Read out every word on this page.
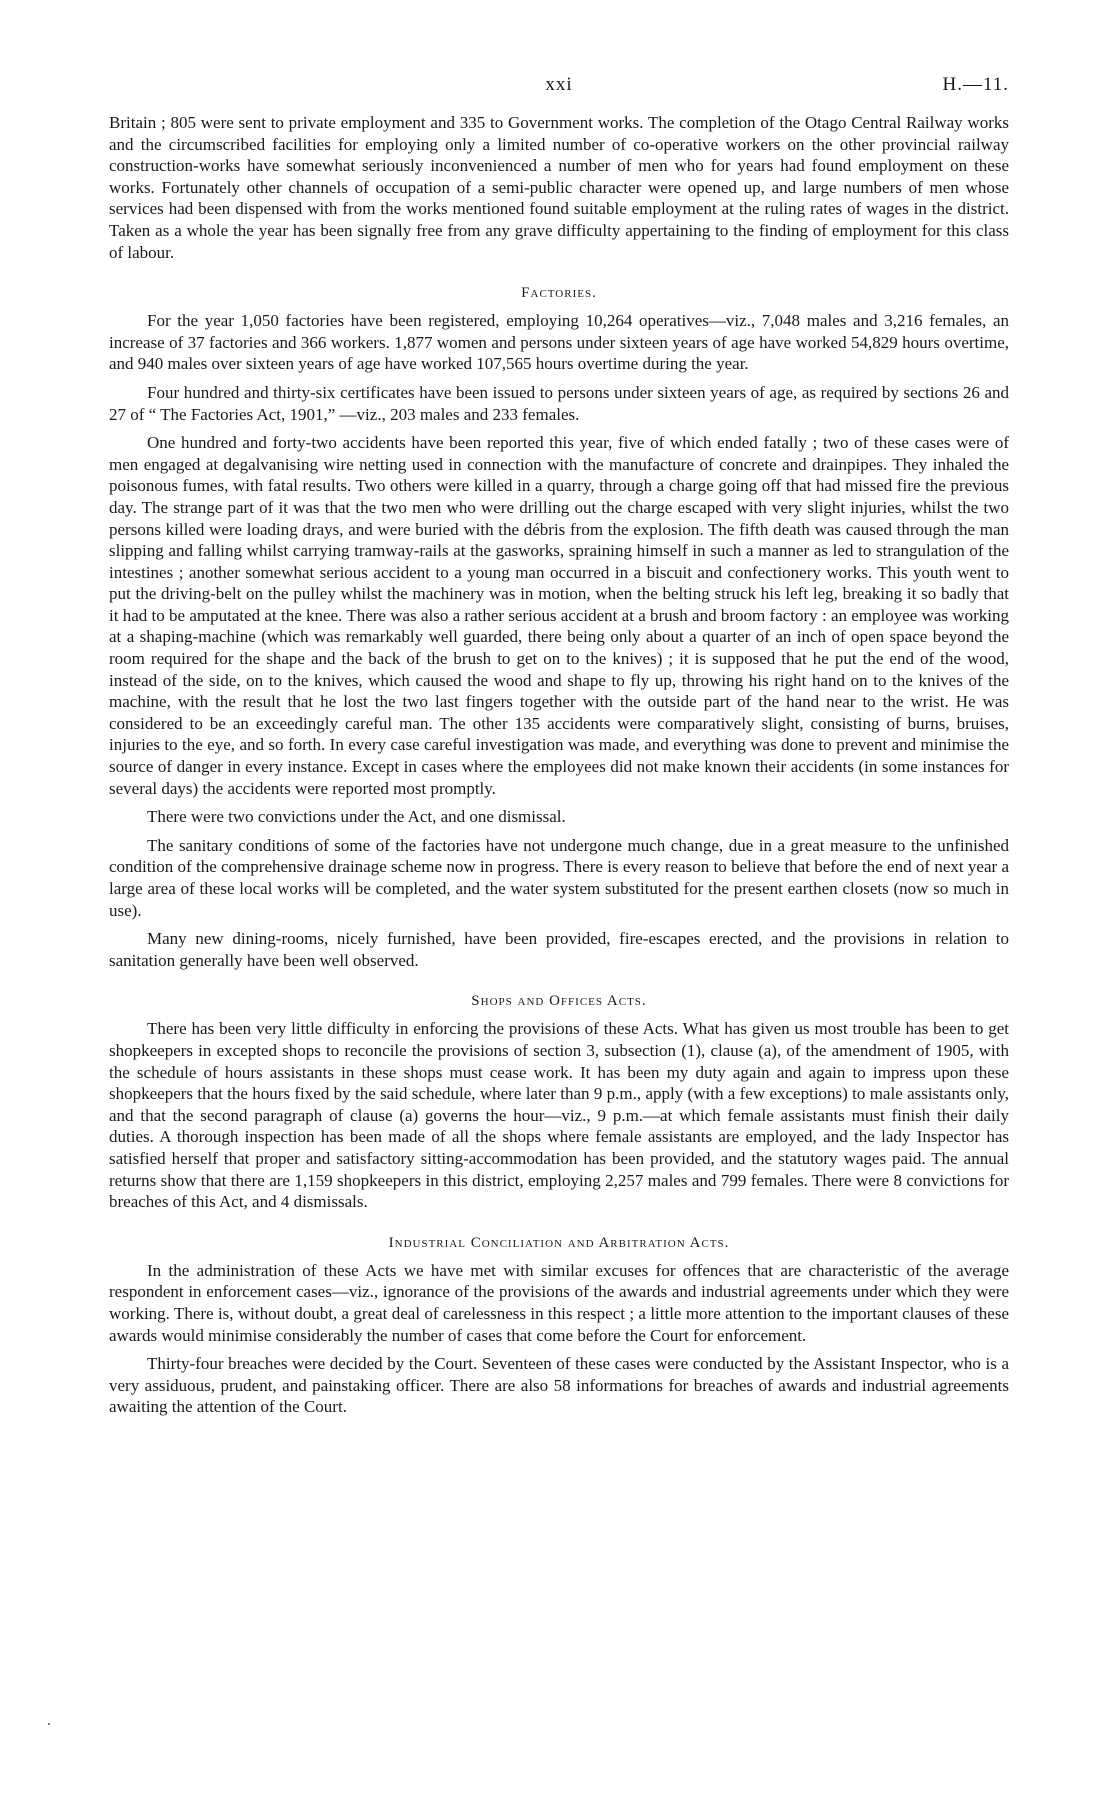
xxi	H.—11.

Britain ; 805 were sent to private employment and 335 to Government works. The completion of the Otago Central Railway works and the circumscribed facilities for employing only a limited number of co-operative workers on the other provincial railway construction-works have somewhat seriously inconvenienced a number of men who for years had found employment on these works. Fortunately other channels of occupation of a semi-public character were opened up, and large numbers of men whose services had been dispensed with from the works mentioned found suitable employment at the ruling rates of wages in the district. Taken as a whole the year has been signally free from any grave difficulty appertaining to the finding of employment for this class of labour.

Factories.

For the year 1,050 factories have been registered, employing 10,264 operatives—viz., 7,048 males and 3,216 females, an increase of 37 factories and 366 workers. 1,877 women and persons under sixteen years of age have worked 54,829 hours overtime, and 940 males over sixteen years of age have worked 107,565 hours overtime during the year.

Four hundred and thirty-six certificates have been issued to persons under sixteen years of age, as required by sections 26 and 27 of “ The Factories Act, 1901,” —viz., 203 males and 233 females.

One hundred and forty-two accidents have been reported this year, five of which ended fatally ; two of these cases were of men engaged at degalvanising wire netting used in connection with the manufacture of concrete and drainpipes. They inhaled the poisonous fumes, with fatal results. Two others were killed in a quarry, through a charge going off that had missed fire the previous day. The strange part of it was that the two men who were drilling out the charge escaped with very slight injuries, whilst the two persons killed were loading drays, and were buried with the débris from the explosion. The fifth death was caused through the man slipping and falling whilst carrying tramway-rails at the gasworks, spraining himself in such a manner as led to strangulation of the intestines ; another somewhat serious accident to a young man occurred in a biscuit and confectionery works. This youth went to put the driving-belt on the pulley whilst the machinery was in motion, when the belting struck his left leg, breaking it so badly that it had to be amputated at the knee. There was also a rather serious accident at a brush and broom factory : an employee was working at a shaping-machine (which was remarkably well guarded, there being only about a quarter of an inch of open space beyond the room required for the shape and the back of the brush to get on to the knives) ; it is supposed that he put the end of the wood, instead of the side, on to the knives, which caused the wood and shape to fly up, throwing his right hand on to the knives of the machine, with the result that he lost the two last fingers together with the outside part of the hand near to the wrist. He was considered to be an exceedingly careful man. The other 135 accidents were comparatively slight, consisting of burns, bruises, injuries to the eye, and so forth. In every case careful investigation was made, and everything was done to prevent and minimise the source of danger in every instance. Except in cases where the employees did not make known their accidents (in some instances for several days) the accidents were reported most promptly.

There were two convictions under the Act, and one dismissal.

The sanitary conditions of some of the factories have not undergone much change, due in a great measure to the unfinished condition of the comprehensive drainage scheme now in progress. There is every reason to believe that before the end of next year a large area of these local works will be completed, and the water system substituted for the present earthen closets (now so much in use).

Many new dining-rooms, nicely furnished, have been provided, fire-escapes erected, and the provisions in relation to sanitation generally have been well observed.

Shops and Offices Acts.

There has been very little difficulty in enforcing the provisions of these Acts. What has given us most trouble has been to get shopkeepers in excepted shops to reconcile the provisions of section 3, subsection (1), clause (a), of the amendment of 1905, with the schedule of hours assistants in these shops must cease work. It has been my duty again and again to impress upon these shopkeepers that the hours fixed by the said schedule, where later than 9 p.m., apply (with a few exceptions) to male assistants only, and that the second paragraph of clause (a) governs the hour—viz., 9 p.m.—at which female assistants must finish their daily duties. A thorough inspection has been made of all the shops where female assistants are employed, and the lady Inspector has satisfied herself that proper and satisfactory sitting-accommodation has been provided, and the statutory wages paid. The annual returns show that there are 1,159 shopkeepers in this district, employing 2,257 males and 799 females. There were 8 convictions for breaches of this Act, and 4 dismissals.

Industrial Conciliation and Arbitration Acts.

In the administration of these Acts we have met with similar excuses for offences that are characteristic of the average respondent in enforcement cases—viz., ignorance of the provisions of the awards and industrial agreements under which they were working. There is, without doubt, a great deal of carelessness in this respect ; a little more attention to the important clauses of these awards would minimise considerably the number of cases that come before the Court for enforcement.

Thirty-four breaches were decided by the Court. Seventeen of these cases were conducted by the Assistant Inspector, who is a very assiduous, prudent, and painstaking officer. There are also 58 informations for breaches of awards and industrial agreements awaiting the attention of the Court.
